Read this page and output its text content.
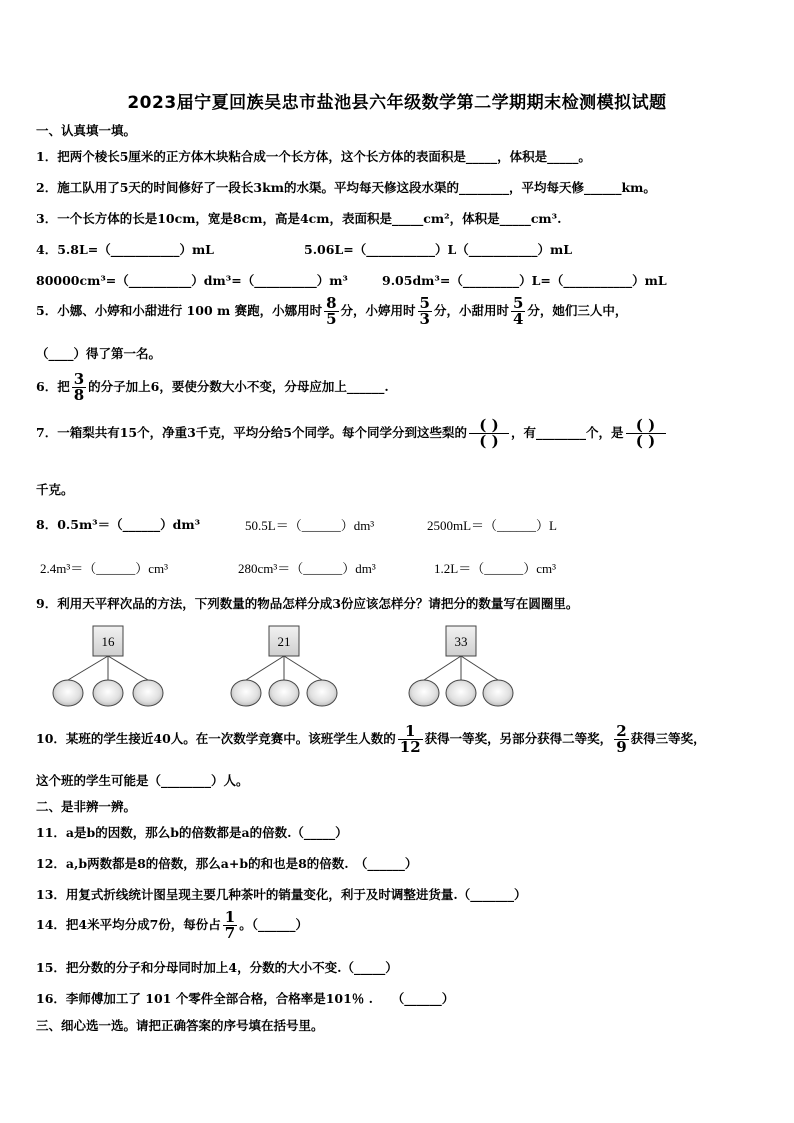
2023届宁夏回族吴忠市盐池县六年级数学第二学期期末检测模拟试题
一、认真填一填。
1．把两个棱长5厘米的正方体木块粘合成一个长方体，这个长方体的表面积是_____，体积是_____。
2．施工队用了5天的时间修好了一段长3km的水渠。平均每天修这段水渠的________，平均每天修______km。
3．一个长方体的长是10cm，宽是8cm，高是4cm，表面积是_____cm²，体积是_____cm³.
4．5.8L=（___________）mL	5.06L=（___________）L（___________）mL
80000cm³=（__________）dm³=（__________）m³	9.05dm³=（_________）L=（___________）mL
5．小娜、小婷和小甜进行 100 m 赛跑，小娜用时 $\frac{8}{5}$ 分，小婷用时 $\frac{5}{3}$ 分，小甜用时 $\frac{5}{4}$ 分，她们三人中，
（____）得了第一名。
6．把 $\frac{3}{8}$ 的分子加上6，要使分数大小不变，分母应加上______.
7．一箱梨共有15个，净重3千克，平均分给5个同学。每个同学分到这些梨的 $\frac{( )}{( )}$ ，有________个，是 $\frac{( )}{( )}$
千克。
8．0.5m³＝（______）dm³	50.5L＝（______）dm³	2500mL＝（______）L
2.4m³＝（______）cm³	280cm³＝（______）dm³	1.2L＝（______）cm³
9．利用天平秤次品的方法，下列数量的物品怎样分成3份应该怎样分？请把分的数量写在圆圈里。
16	21	33
10．某班的学生接近40人。在一次数学竞赛中。该班学生人数的 $\frac{1}{12}$ 获得一等奖，另部分获得二等奖， $\frac{2}{9}$ 获得三等奖，
这个班的学生可能是（________）人。
二、是非辨一辨。
11．a是b的因数，那么b的倍数都是a的倍数.（_____）
12．a,b两数都是8的倍数，那么a+b的和也是8的倍数.　（______）
13．用复式折线统计图呈现主要几种茶叶的销量变化，利于及时调整进货量.（_______）
14．把4米平均分成7份，每份占 $\frac{1}{7}$ 。（______）
15．把分数的分子和分母同时加上4，分数的大小不变.（_____）
16．李师傅加工了 101 个零件全部合格，合格率是101％ .　　（______）
三、细心选一选。请把正确答案的序号填在括号里。
